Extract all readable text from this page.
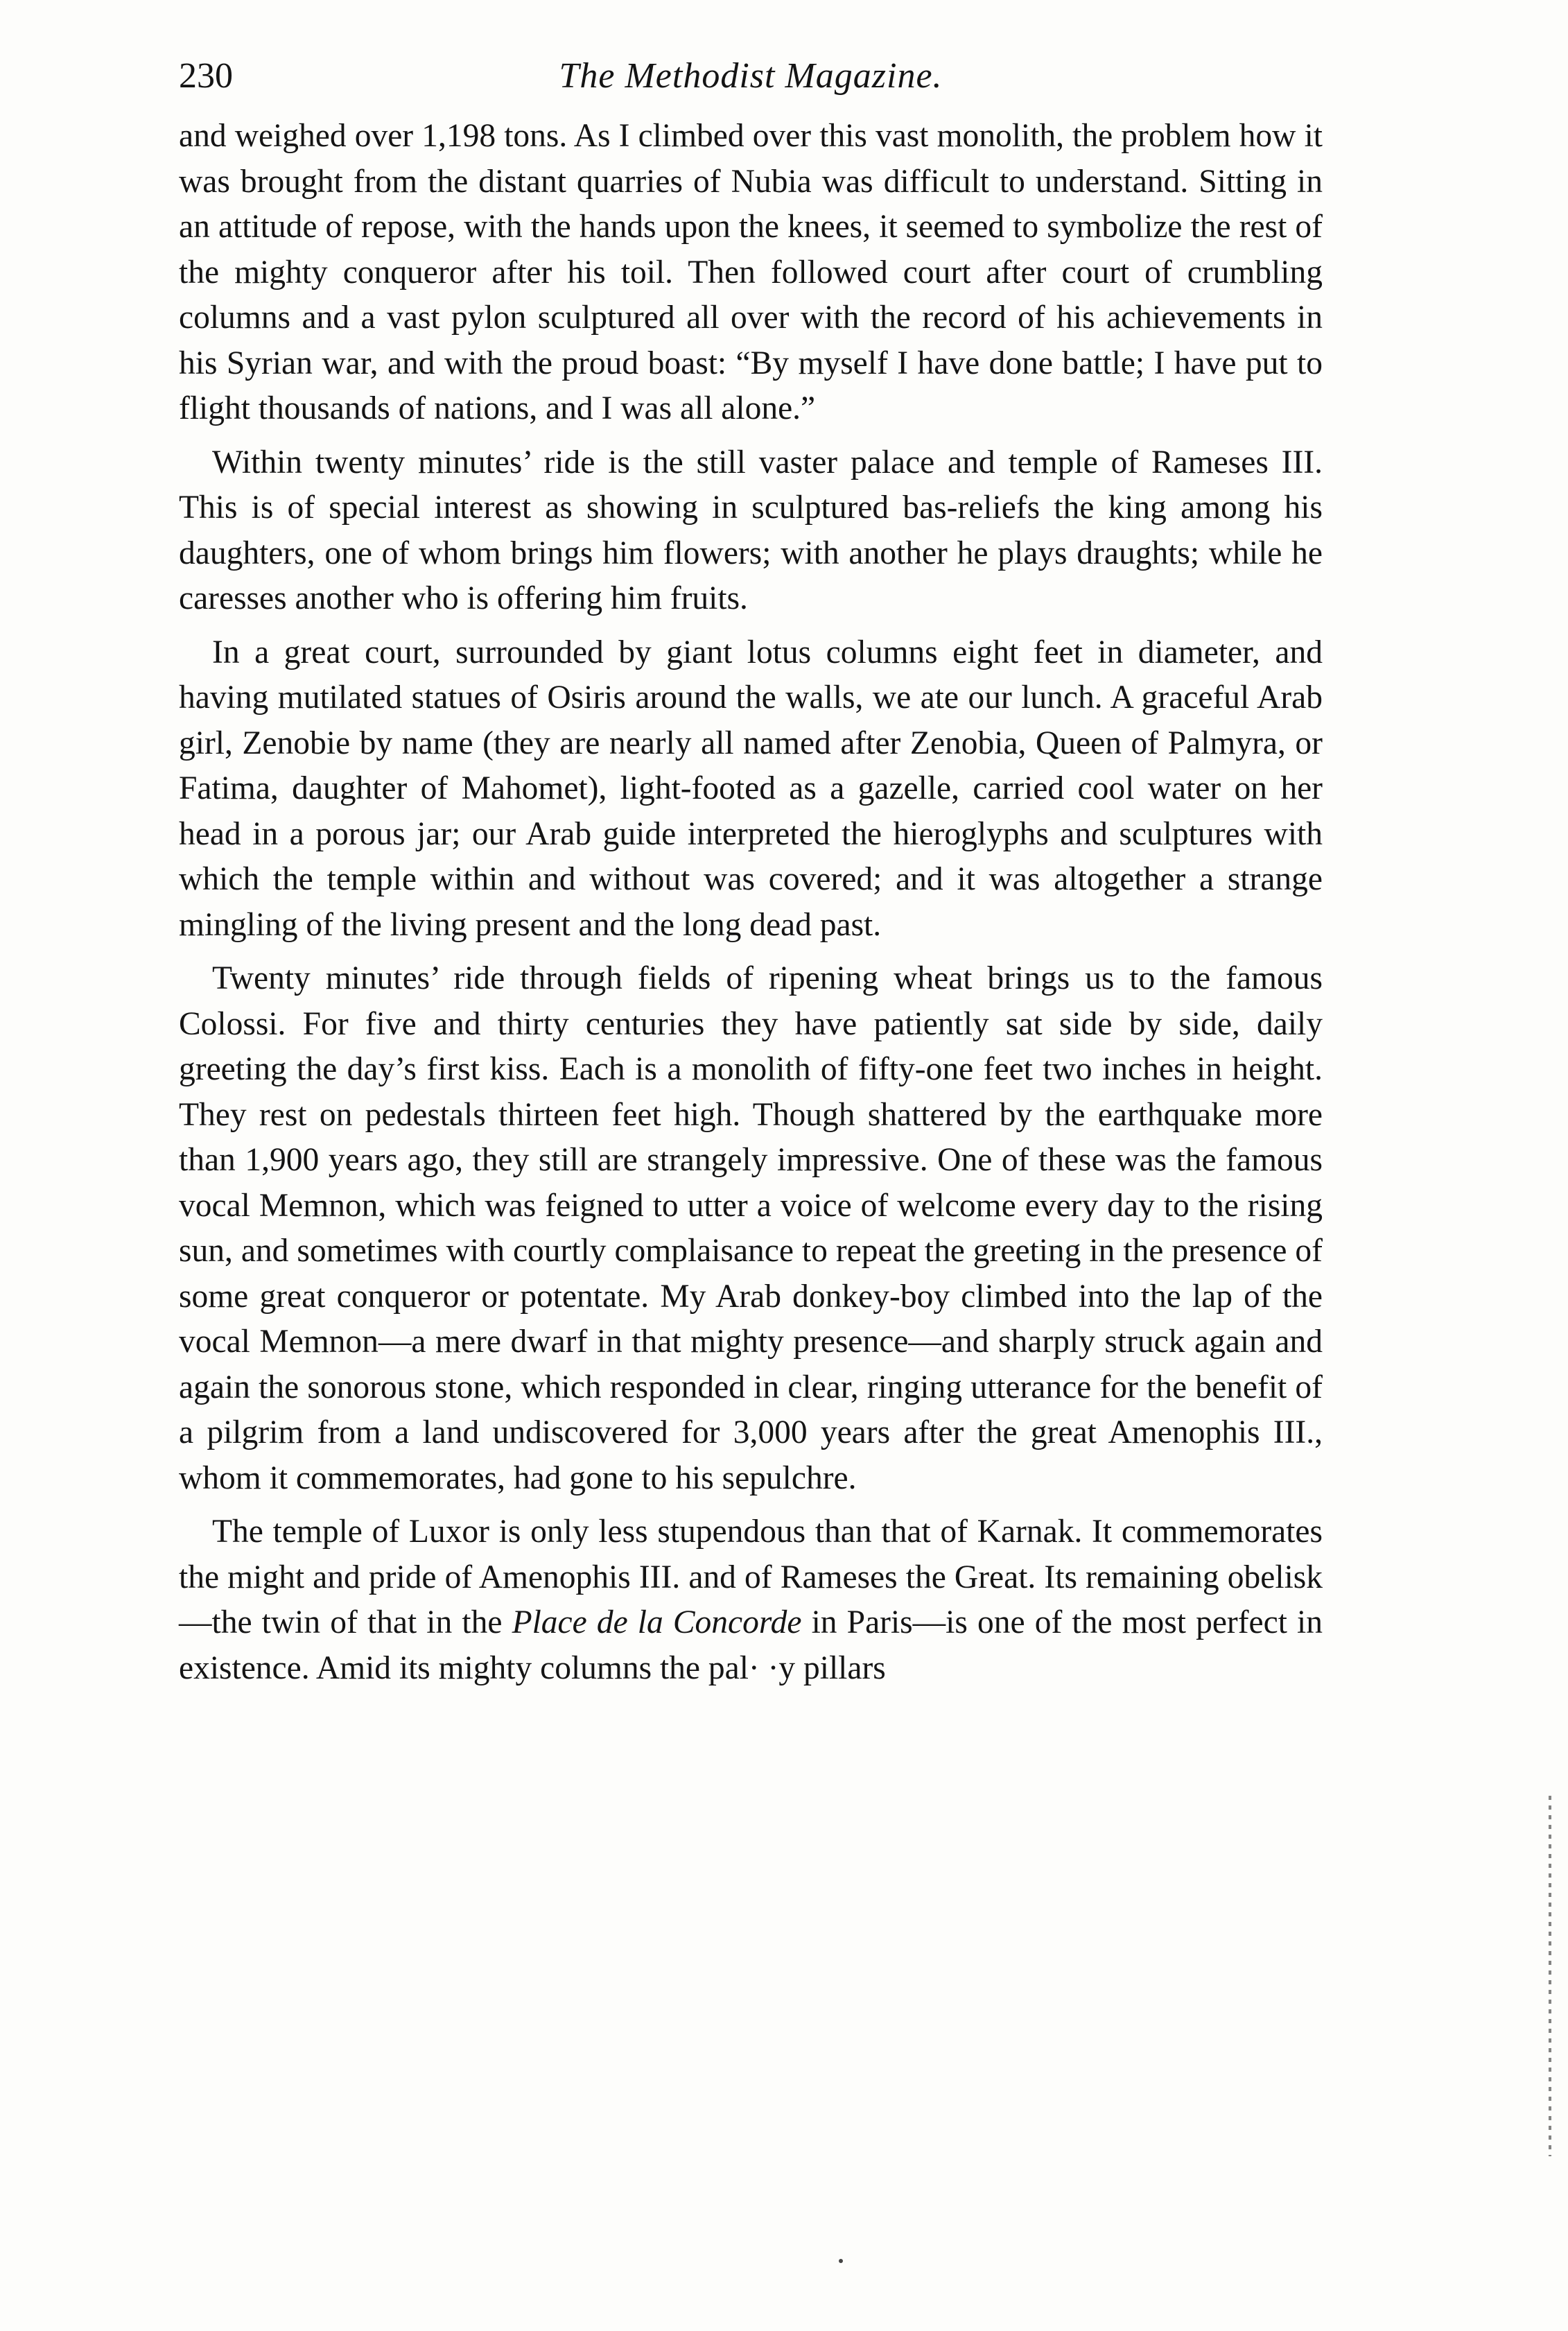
230	The Methodist Magazine.

and weighed over 1,198 tons. As I climbed over this vast monolith, the problem how it was brought from the distant quarries of Nubia was difficult to understand. Sitting in an attitude of repose, with the hands upon the knees, it seemed to symbolize the rest of the mighty conqueror after his toil. Then followed court after court of crumbling columns and a vast pylon sculptured all over with the record of his achievements in his Syrian war, and with the proud boast: “By myself I have done battle; I have put to flight thousands of nations, and I was all alone.”

Within twenty minutes’ ride is the still vaster palace and temple of Rameses III. This is of special interest as showing in sculptured bas-reliefs the king among his daughters, one of whom brings him flowers; with another he plays draughts; while he caresses another who is offering him fruits.

In a great court, surrounded by giant lotus columns eight feet in diameter, and having mutilated statues of Osiris around the walls, we ate our lunch. A graceful Arab girl, Zenobie by name (they are nearly all named after Zenobia, Queen of Palmyra, or Fatima, daughter of Mahomet), light-footed as a gazelle, carried cool water on her head in a porous jar; our Arab guide interpreted the hieroglyphs and sculptures with which the temple within and without was covered; and it was altogether a strange mingling of the living present and the long dead past.

Twenty minutes’ ride through fields of ripening wheat brings us to the famous Colossi. For five and thirty centuries they have patiently sat side by side, daily greeting the day’s first kiss. Each is a monolith of fifty-one feet two inches in height. They rest on pedestals thirteen feet high. Though shattered by the earthquake more than 1,900 years ago, they still are strangely impressive. One of these was the famous vocal Memnon, which was feigned to utter a voice of welcome every day to the rising sun, and sometimes with courtly complaisance to repeat the greeting in the presence of some great conqueror or potentate. My Arab donkey-boy climbed into the lap of the vocal Memnon—a mere dwarf in that mighty presence—and sharply struck again and again the sonorous stone, which responded in clear, ringing utterance for the benefit of a pilgrim from a land undiscovered for 3,000 years after the great Amenophis III., whom it commemorates, had gone to his sepulchre.

The temple of Luxor is only less stupendous than that of Karnak. It commemorates the might and pride of Amenophis III. and of Rameses the Great. Its remaining obelisk—the twin of that in the Place de la Concorde in Paris—is one of the most perfect in existence. Amid its mighty columns the pal· ·y pillars
